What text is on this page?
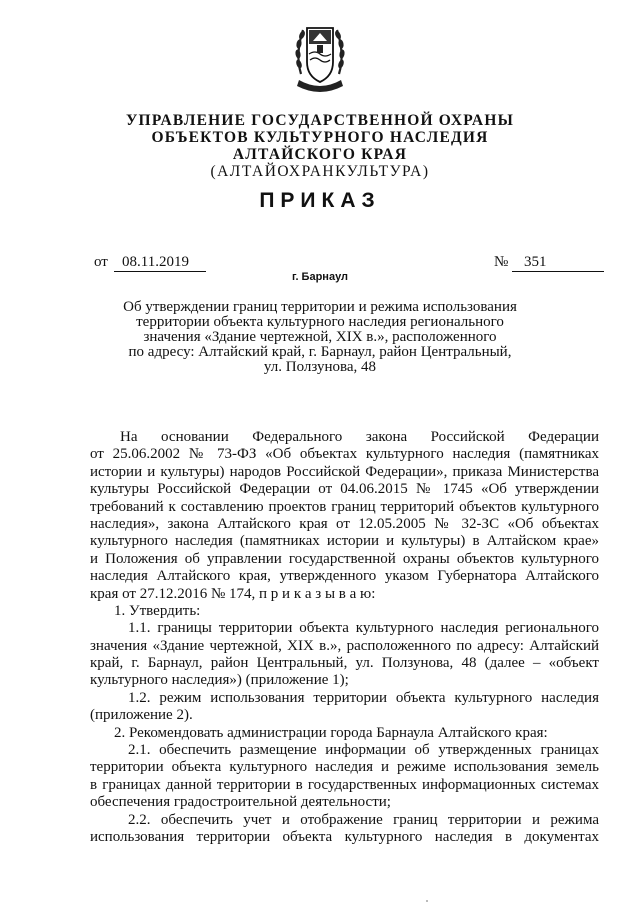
УПРАВЛЕНИЕ ГОСУДАРСТВЕННОЙ ОХРАНЫ
ОБЪЕКТОВ КУЛЬТУРНОГО НАСЛЕДИЯ
АЛТАЙСКОГО КРАЯ
(АЛТАЙОХРАНКУЛЬТУРА)
ПРИКАЗ
от 08.11.2019	№	351
г. Барнаул
Об утверждении границ территории и режима использования
территории объекта культурного наследия регионального
значения «Здание чертежной, XIX в.», расположенного
по адресу: Алтайский край, г. Барнаул, район Центральный,
ул. Ползунова, 48
На основании Федерального закона Российской Федерации
от 25.06.2002 № 73-ФЗ «Об объектах культурного наследия (памятниках
истории и культуры) народов Российской Федерации», приказа Министерства
культуры Российской Федерации от 04.06.2015 № 1745 «Об утверждении
требований к составлению проектов границ территорий объектов культурного
наследия», закона Алтайского края от 12.05.2005 № 32-ЗС «Об объектах
культурного наследия (памятниках истории и культуры) в Алтайском крае»
и Положения об управлении государственной охраны объектов культурного
наследия Алтайского края, утвержденного указом Губернатора Алтайского
края от 27.12.2016 № 174, п р и к а з ы в а ю:
1. Утвердить:
1.1. границы территории объекта культурного наследия регионального
значения «Здание чертежной, XIX в.», расположенного по адресу: Алтайский
край, г. Барнаул, район Центральный, ул. Ползунова, 48 (далее – «объект
культурного наследия») (приложение 1);
1.2. режим использования территории объекта культурного наследия
(приложение 2).
2. Рекомендовать администрации города Барнаула Алтайского края:
2.1. обеспечить размещение информации об утвержденных границах
территории объекта культурного наследия и режиме использования земель
в границах данной территории в государственных информационных системах
обеспечения градостроительной деятельности;
2.2. обеспечить учет и отображение границ территории и режима
использования территории объекта культурного наследия в документах
